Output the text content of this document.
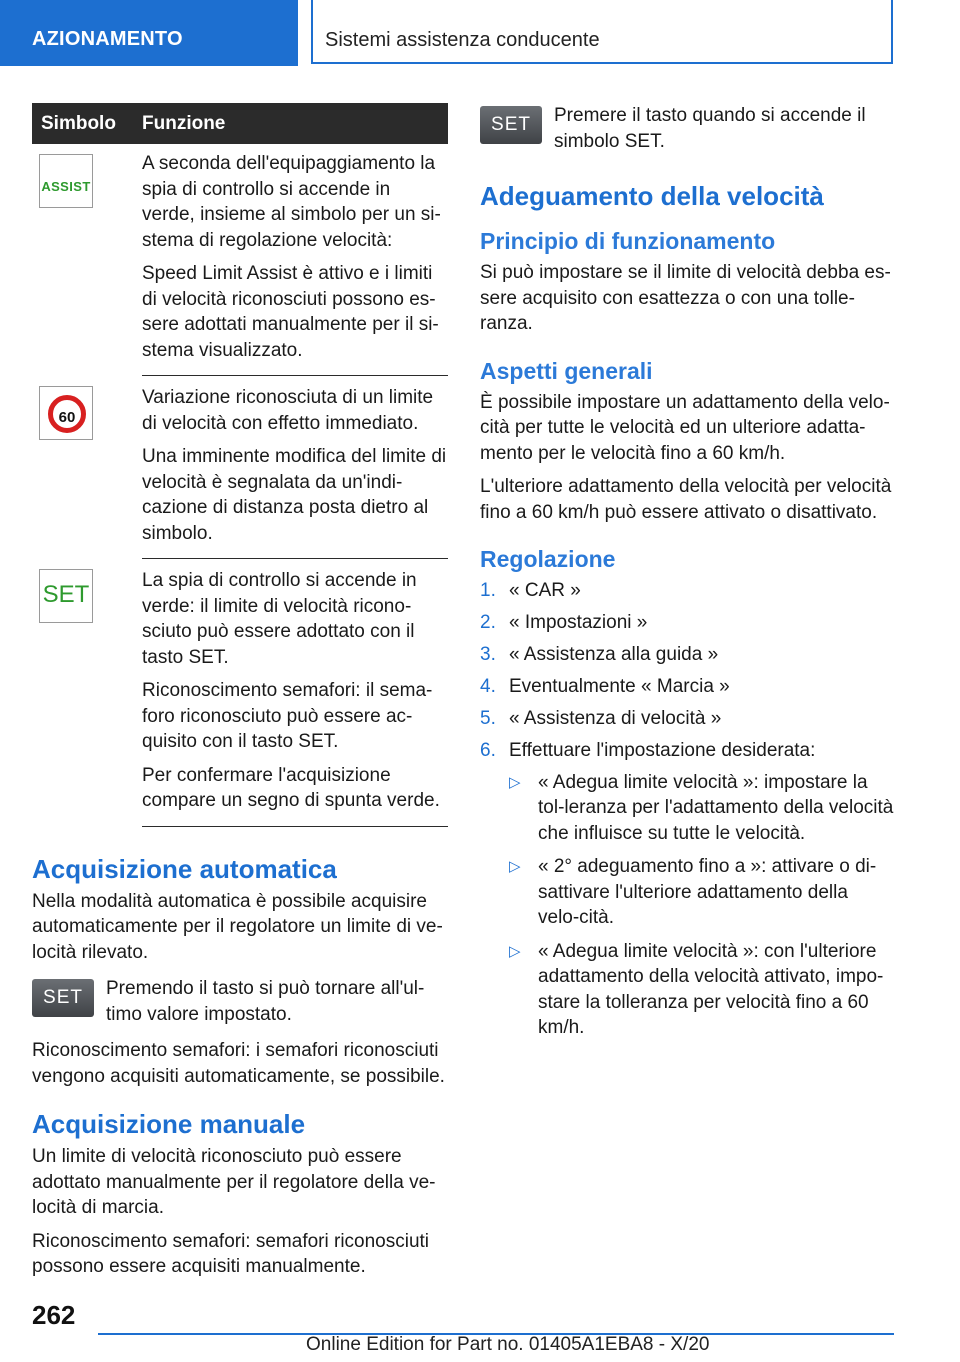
AZIONAMENTO	Sistemi assistenza conducente
Simbolo	Funzione

ASSIST	A seconda dell'equipaggiamento la spia di controllo si accende in verde, insieme al simbolo per un si-stema di regolazione velocità:

Speed Limit Assist è attivo e i limiti di velocità riconosciuti possono es-sere adottati manualmente per il si-stema visualizzato.

60	Variazione riconosciuta di un limite di velocità con effetto immediato.

Una imminente modifica del limite di velocità è segnalata da un'indi-cazione di distanza posta dietro al simbolo.

SET	La spia di controllo si accende in verde: il limite di velocità ricono-sciuto può essere adottato con il tasto SET.

Riconoscimento semafori: il sema-foro riconosciuto può essere ac-quisito con il tasto SET.

Per confermare l'acquisizione compare un segno di spunta verde.

Acquisizione automatica

Nella modalità automatica è possibile acquisire automaticamente per il regolatore un limite di ve-locità rilevato.

SET	Premendo il tasto si può tornare all'ul-timo valore impostato.

Riconoscimento semafori: i semafori riconosciuti vengono acquisiti automaticamente, se possibile.

Acquisizione manuale

Un limite di velocità riconosciuto può essere adottato manualmente per il regolatore della ve-locità di marcia.

Riconoscimento semafori: semafori riconosciuti possono essere acquisiti manualmente.

SET	Premere il tasto quando si accende il simbolo SET.

Adeguamento della velocità
Principio di funzionamento

Si può impostare se il limite di velocità debba es-sere acquisito con esattezza o con una tolle-ranza.

Aspetti generali

È possibile impostare un adattamento della velo-cità per tutte le velocità ed un ulteriore adatta-mento per le velocità fino a 60 km/h.

L'ulteriore adattamento della velocità per velocità fino a 60 km/h può essere attivato o disattivato.

Regolazione
1. « CAR »
2. « Impostazioni »
3. « Assistenza alla guida »
4. Eventualmente « Marcia »
5. « Assistenza di velocità »
6. Effettuare l'impostazione desiderata:
▷ « Adegua limite velocità »: impostare la tol-leranza per l'adattamento della velocità che influisce su tutte le velocità.
▷ « 2° adeguamento fino a »: attivare o di-sattivare l'ulteriore adattamento della velo-cità.
▷ « Adegua limite velocità »: con l'ulteriore adattamento della velocità attivato, impo-stare la tolleranza per velocità fino a 60 km/h.
262
Online Edition for Part no. 01405A1EBA8 - X/20
